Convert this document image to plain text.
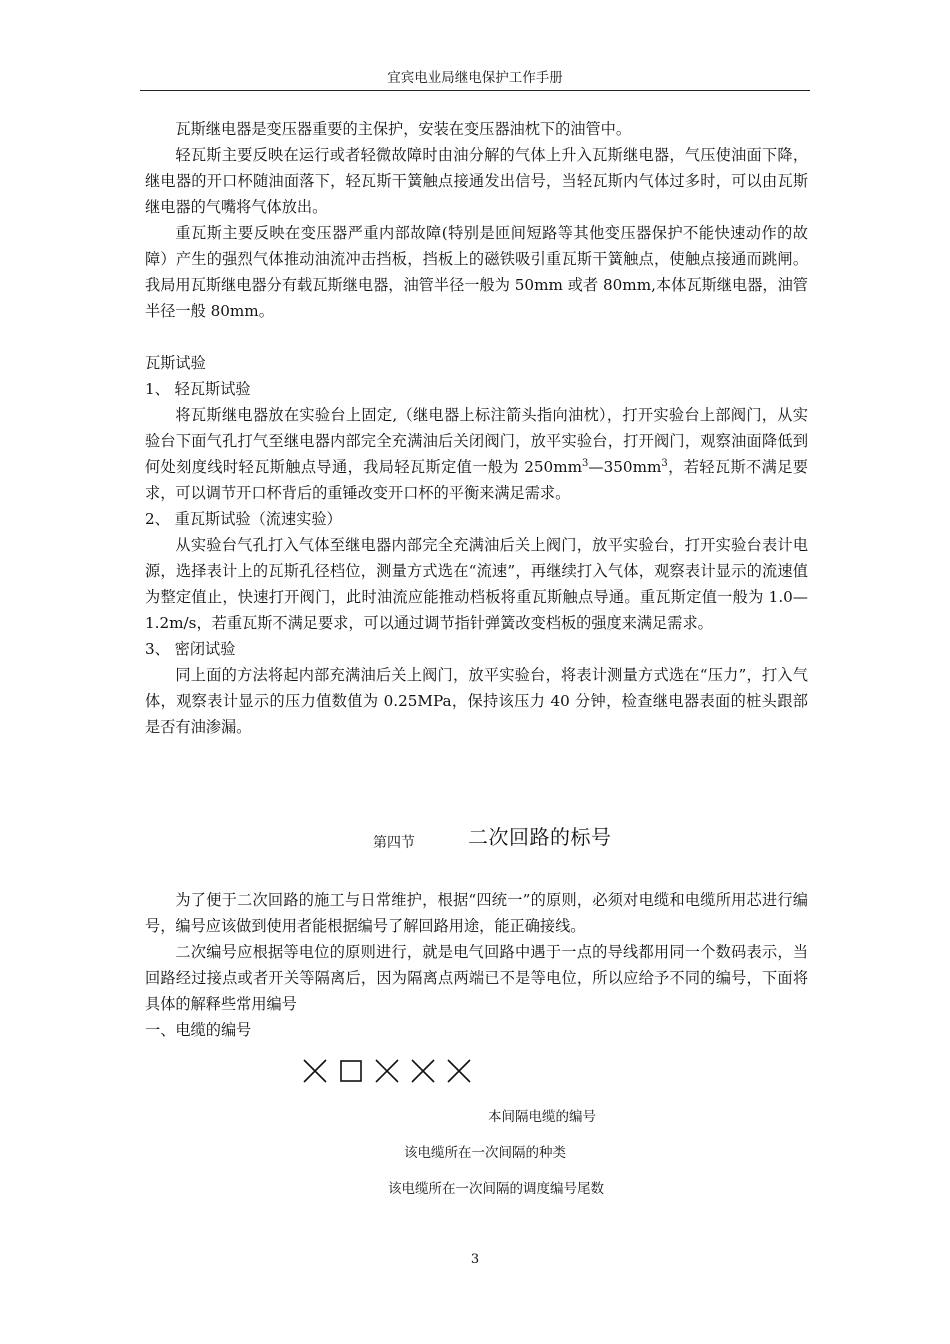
宜宾电业局继电保护工作手册

瓦斯继电器是变压器重要的主保护，安装在变压器油枕下的油管中。

轻瓦斯主要反映在运行或者轻微故障时由油分解的气体上升入瓦斯继电器，气压使油面下降，继电器的开口杯随油面落下，轻瓦斯干簧触点接通发出信号，当轻瓦斯内气体过多时，可以由瓦斯继电器的气嘴将气体放出。

重瓦斯主要反映在变压器严重内部故障(特别是匝间短路等其他变压器保护不能快速动作的故障）产生的强烈气体推动油流冲击挡板，挡板上的磁铁吸引重瓦斯干簧触点，使触点接通而跳闸。我局用瓦斯继电器分有载瓦斯继电器，油管半径一般为 50mm 或者 80mm,本体瓦斯继电器，油管半径一般 80mm。

瓦斯试验

1、 轻瓦斯试验

将瓦斯继电器放在实验台上固定,（继电器上标注箭头指向油枕），打开实验台上部阀门，从实验台下面气孔打气至继电器内部完全充满油后关闭阀门，放平实验台，打开阀门，观察油面降低到何处刻度线时轻瓦斯触点导通，我局轻瓦斯定值一般为 $250mm^3—350mm^3$，若轻瓦斯不满足要求，可以调节开口杯背后的重锤改变开口杯的平衡来满足需求。

2、 重瓦斯试验（流速实验）

从实验台气孔打入气体至继电器内部完全充满油后关上阀门，放平实验台，打开实验台表计电源，选择表计上的瓦斯孔径档位，测量方式选在“流速”，再继续打入气体，观察表计显示的流速值为整定值止，快速打开阀门，此时油流应能推动档板将重瓦斯触点导通。重瓦斯定值一般为 1.0—1.2m/s，若重瓦斯不满足要求，可以通过调节指针弹簧改变档板的强度来满足需求。

3、 密闭试验

同上面的方法将起内部充满油后关上阀门，放平实验台，将表计测量方式选在“压力”，打入气体，观察表计显示的压力值数值为 0.25MPa，保持该压力 40 分钟，检查继电器表面的桩头跟部是否有油渗漏。

第四节	二次回路的标号

为了便于二次回路的施工与日常维护，根据“四统一”的原则，必须对电缆和电缆所用芯进行编号，编号应该做到使用者能根据编号了解回路用途，能正确接线。

二次编号应根据等电位的原则进行，就是电气回路中遇于一点的导线都用同一个数码表示，当回路经过接点或者开关等隔离后，因为隔离点两端已不是等电位，所以应给予不同的编号，下面将具体的解释些常用编号

一、电缆的编号

本间隔电缆的编号
该电缆所在一次间隔的种类
该电缆所在一次间隔的调度编号尾数
3
